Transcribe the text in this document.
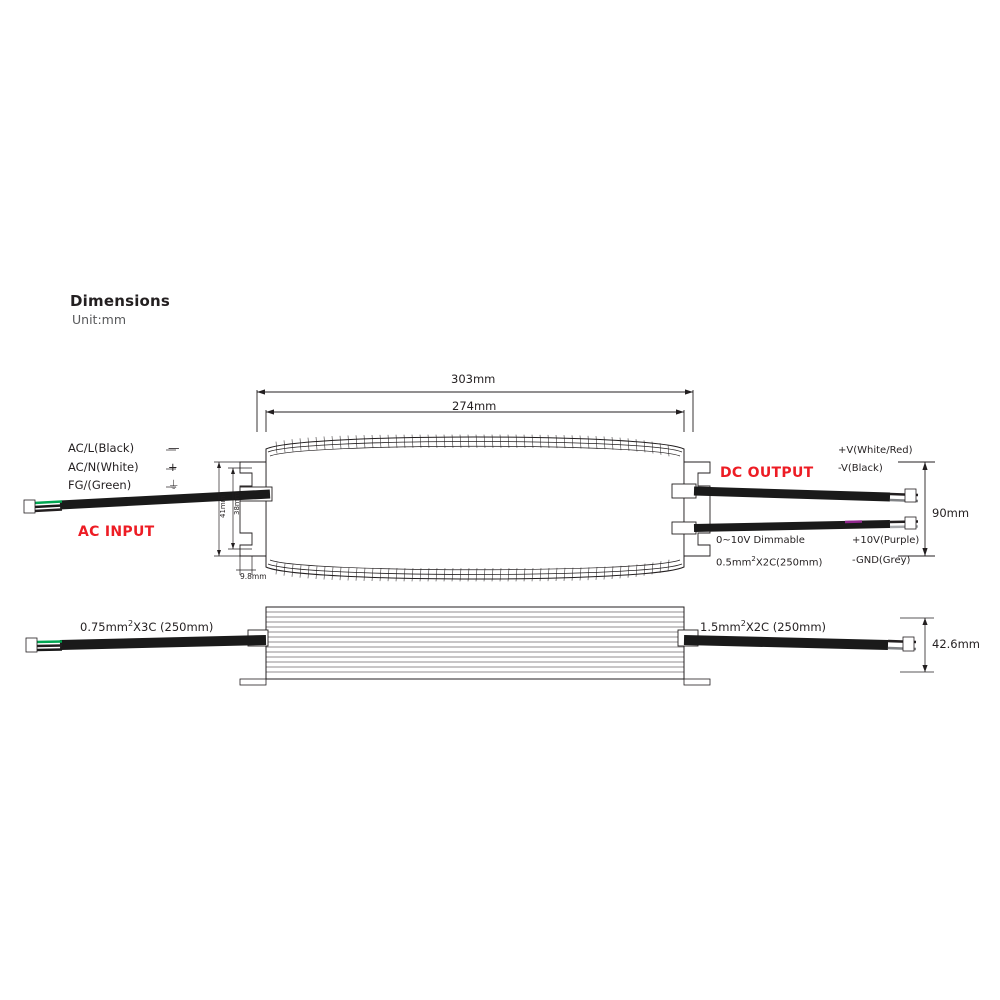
Dimensions
Unit:mm
303mm
274mm
90mm
42.6mm
41mm 38mm
9.8mm
AC/L(Black)	—
AC/N(White)	+
FG/(Green)	⏚
AC INPUT
DC OUTPUT
+V(White/Red)
-V(Black)
0~10V Dimmable
$0.5mm^2X2C(250mm)$
+10V(Purple)
-GND(Grey)
$0.75mm^2X3C$ (250mm)	$1.5mm^2X2C$ (250mm)
